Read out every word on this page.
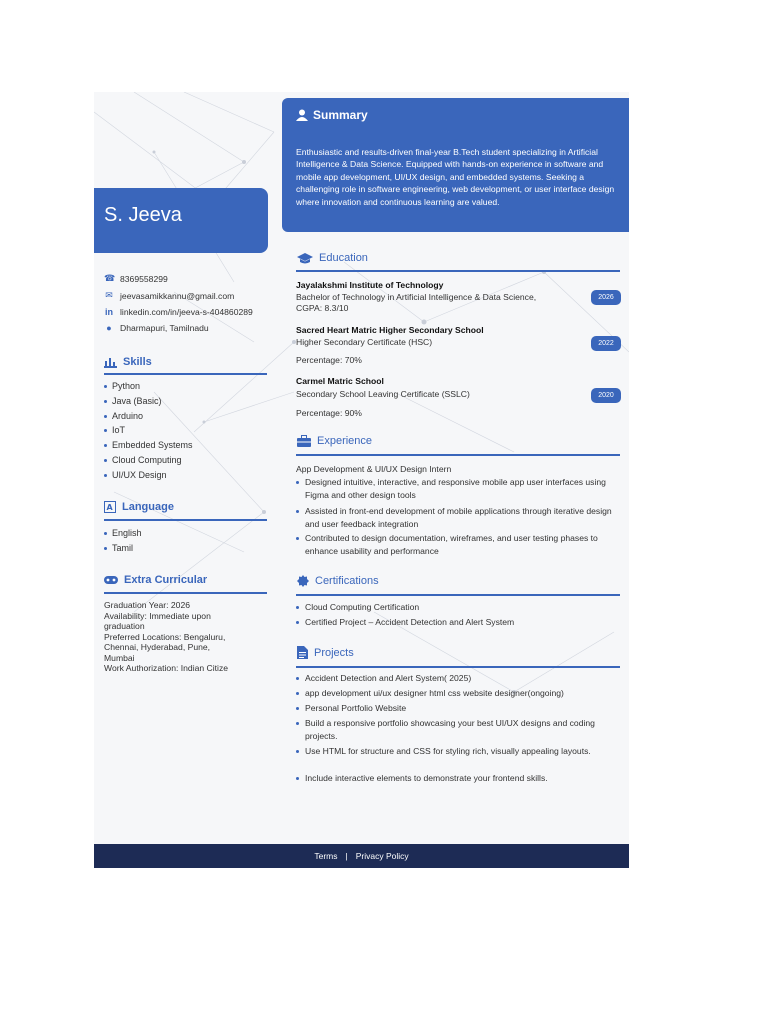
Summary

Enthusiastic and results-driven final-year B.Tech student specializing in Artificial Intelligence & Data Science. Equipped with hands-on experience in software and mobile app development, UI/UX design, and embedded systems. Seeking a challenging role in software engineering, web development, or user interface design where innovation and continuous learning are valued.

S. Jeeva
☎ 8369558299
✉ jeevasamikkannu@gmail.com
in linkedin.com/in/jeeva-s-404860289
● Dharmapuri, Tamilnadu
Skills
Python
Java (Basic)
Arduino
IoT
Embedded Systems
Cloud Computing
UI/UX Design
A Language
English
Tamil
Extra Curricular
Graduation Year: 2026
Availability: Immediate upon
graduation
Preferred Locations: Bengaluru,
Chennai, Hyderabad, Pune,
Mumbai
Work Authorization: Indian Citize
Education
Jayalakshmi Institute of Technology
Bachelor of Technology in Artificial Intelligence & Data Science,
CGPA: 8.3/10
2026
Sacred Heart Matric Higher Secondary School
Higher Secondary Certificate (HSC)
Percentage: 70%
2022
Carmel Matric School
Secondary School Leaving Certificate (SSLC)
Percentage: 90%
2020
Experience
App Development & UI/UX Design Intern
Designed intuitive, interactive, and responsive mobile app user interfaces using Figma and other design tools
Assisted in front-end development of mobile applications through iterative design and user feedback integration
Contributed to design documentation, wireframes, and user testing phases to enhance usability and performance
Certifications
Cloud Computing Certification
Certified Project – Accident Detection and Alert System
Projects
Accident Detection and Alert System( 2025)
app development ui/ux designer html css website designer(ongoing)
Personal Portfolio Website
Build a responsive portfolio showcasing your best UI/UX designs and coding projects.
Use HTML for structure and CSS for styling rich, visually appealing layouts.
Include interactive elements to demonstrate your frontend skills.
Terms | Privacy Policy
